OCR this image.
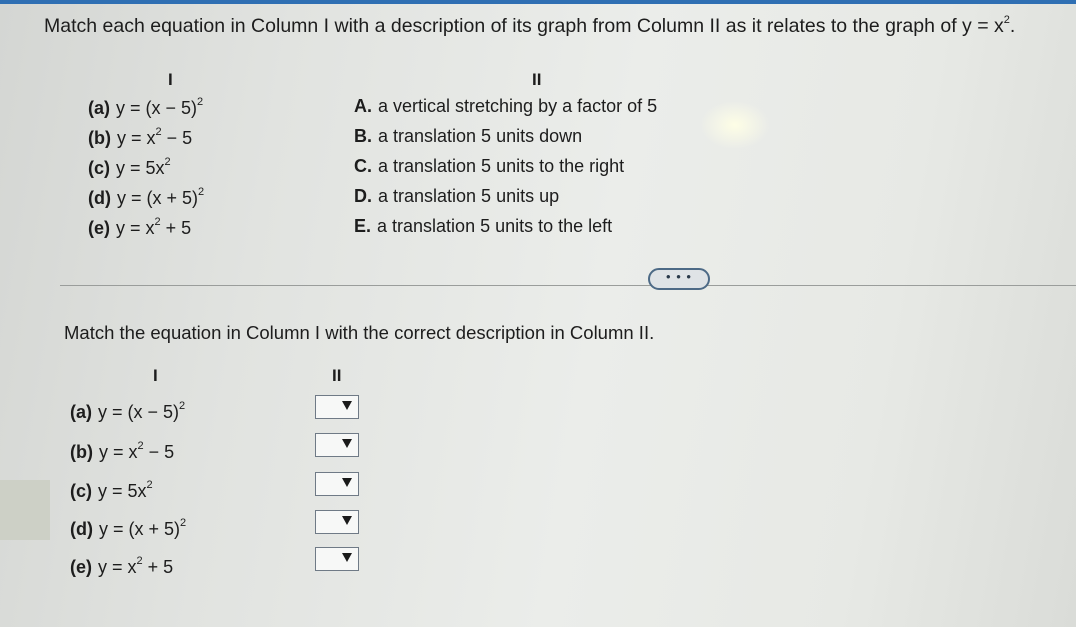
Match each equation in Column I with a description of its graph from Column II as it relates to the graph of $y = x^2$.
I	II
(a) $y = (x - 5)^2$
(b) $y = x^2 - 5$
(c) $y = 5x^2$
(d) $y = (x + 5)^2$
(e) $y = x^2 + 5$
A. a vertical stretching by a factor of 5
B. a translation 5 units down
C. a translation 5 units to the right
D. a translation 5 units up
E. a translation 5 units to the left
• • •
Match the equation in Column I with the correct description in Column II.
I	II
(a) $y = (x - 5)^2$
(b) $y = x^2 - 5$
(c) $y = 5x^2$
(d) $y = (x + 5)^2$
(e) $y = x^2 + 5$
